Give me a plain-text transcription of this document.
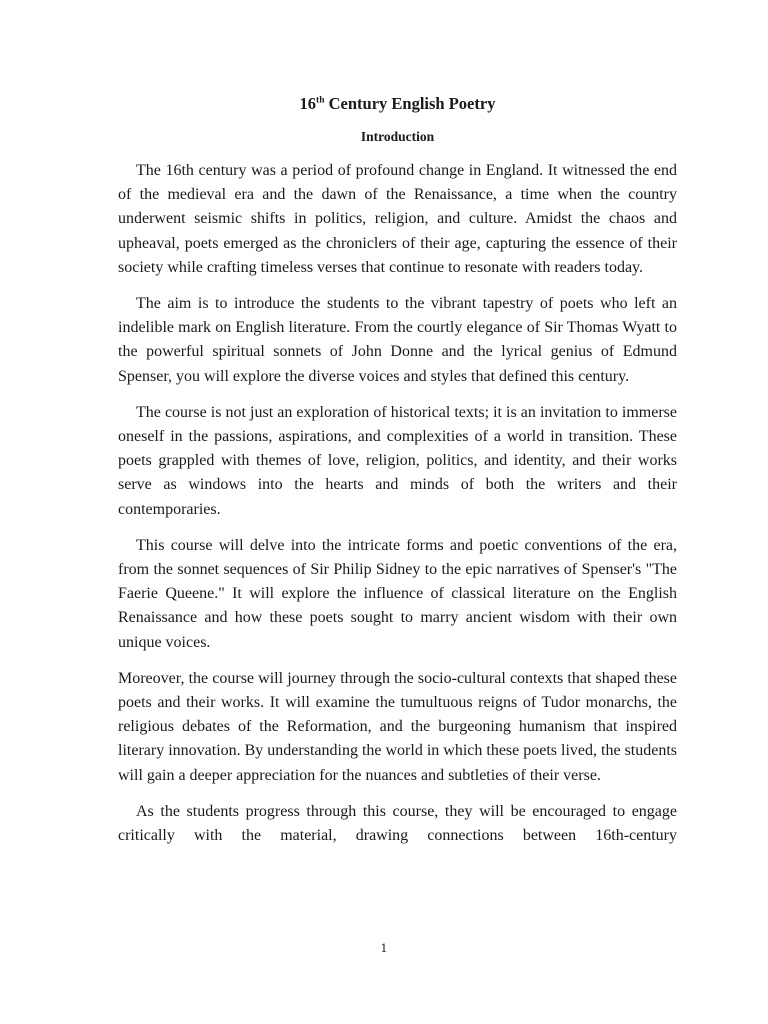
16th Century English Poetry
Introduction

The 16th century was a period of profound change in England. It witnessed the end of the medieval era and the dawn of the Renaissance, a time when the country underwent seismic shifts in politics, religion, and culture. Amidst the chaos and upheaval, poets emerged as the chroniclers of their age, capturing the essence of their society while crafting timeless verses that continue to resonate with readers today.

The aim is to introduce the students to the vibrant tapestry of poets who left an indelible mark on English literature. From the courtly elegance of Sir Thomas Wyatt to the powerful spiritual sonnets of John Donne and the lyrical genius of Edmund Spenser, you will explore the diverse voices and styles that defined this century.

The course is not just an exploration of historical texts; it is an invitation to immerse oneself in the passions, aspirations, and complexities of a world in transition. These poets grappled with themes of love, religion, politics, and identity, and their works serve as windows into the hearts and minds of both the writers and their contemporaries.

This course will delve into the intricate forms and poetic conventions of the era, from the sonnet sequences of Sir Philip Sidney to the epic narratives of Spenser's "The Faerie Queene." It will explore the influence of classical literature on the English Renaissance and how these poets sought to marry ancient wisdom with their own unique voices.

Moreover, the course will journey through the socio-cultural contexts that shaped these poets and their works. It will examine the tumultuous reigns of Tudor monarchs, the religious debates of the Reformation, and the burgeoning humanism that inspired literary innovation. By understanding the world in which these poets lived, the students will gain a deeper appreciation for the nuances and subtleties of their verse.

As the students progress through this course, they will be encouraged to engage critically with the material, drawing connections between 16th-century

1
